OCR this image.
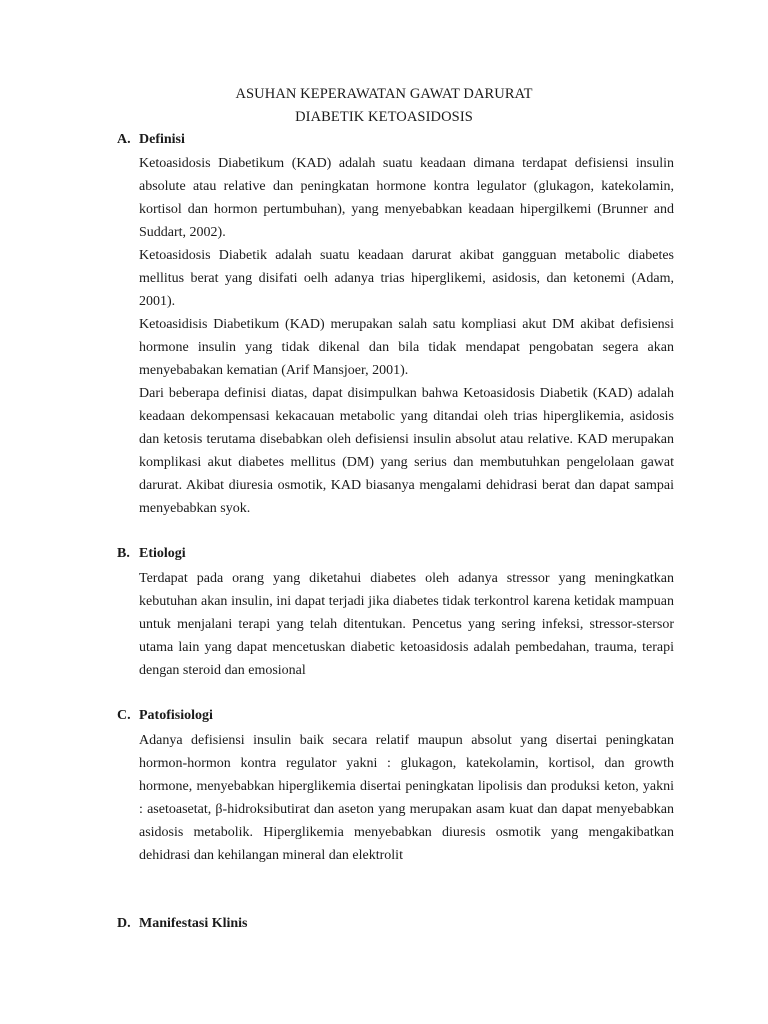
ASUHAN KEPERAWATAN GAWAT DARURAT
DIABETIK KETOASIDOSIS
A. Definisi

Ketoasidosis Diabetikum (KAD) adalah suatu keadaan dimana terdapat defisiensi insulin absolute atau relative dan peningkatan hormone kontra legulator (glukagon, katekolamin, kortisol dan hormon pertumbuhan), yang menyebabkan keadaan hipergilkemi (Brunner and Suddart, 2002).

Ketoasidosis Diabetik adalah suatu keadaan darurat akibat gangguan metabolic diabetes mellitus berat yang disifati oelh adanya trias hiperglikemi, asidosis, dan ketonemi (Adam, 2001).

Ketoasidisis Diabetikum (KAD) merupakan salah satu kompliasi akut DM akibat defisiensi hormone insulin yang tidak dikenal dan bila tidak mendapat pengobatan segera akan menyebabakan kematian (Arif Mansjoer, 2001).

Dari beberapa definisi diatas, dapat disimpulkan bahwa Ketoasidosis Diabetik (KAD) adalah keadaan dekompensasi kekacauan metabolic yang ditandai oleh trias hiperglikemia, asidosis dan ketosis terutama disebabkan oleh defisiensi insulin absolut atau relative. KAD merupakan komplikasi akut diabetes mellitus (DM) yang serius dan membutuhkan pengelolaan gawat darurat. Akibat diuresia osmotik, KAD biasanya mengalami dehidrasi berat dan dapat sampai menyebabkan syok.

B. Etiologi

Terdapat pada orang yang diketahui diabetes oleh adanya stressor yang meningkatkan kebutuhan akan insulin, ini dapat terjadi jika diabetes tidak terkontrol karena ketidak mampuan untuk menjalani terapi yang telah ditentukan. Pencetus yang sering infeksi, stressor-stersor utama lain yang dapat mencetuskan diabetic ketoasidosis adalah pembedahan, trauma, terapi dengan steroid dan emosional

C. Patofisiologi

Adanya defisiensi insulin baik secara relatif maupun absolut yang disertai peningkatan hormon-hormon kontra regulator yakni : glukagon, katekolamin, kortisol, dan growth hormone, menyebabkan hiperglikemia disertai peningkatan lipolisis dan produksi keton, yakni : asetoasetat, β-hidroksibutirat dan aseton yang merupakan asam kuat dan dapat menyebabkan asidosis metabolik. Hiperglikemia menyebabkan diuresis osmotik yang mengakibatkan dehidrasi dan kehilangan mineral dan elektrolit

D. Manifestasi Klinis
